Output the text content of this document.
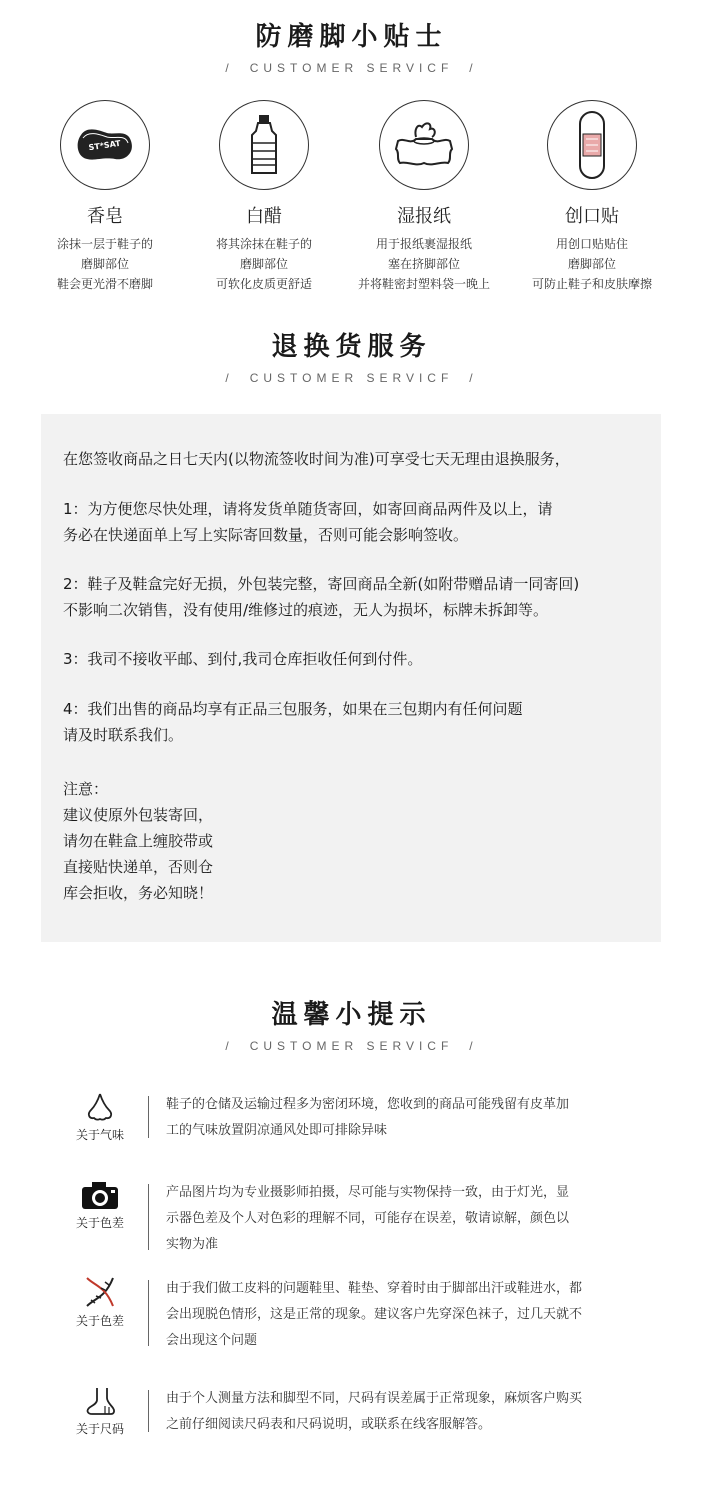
防磨脚小贴士
/ CUSTOMER SERVICF /
ST*SAT
香皂
涂抹一层于鞋子的
磨脚部位
鞋会更光滑不磨脚
白醋
将其涂抹在鞋子的
磨脚部位
可软化皮质更舒适
湿报纸
用于报纸裹湿报纸
塞在挤脚部位
并将鞋密封塑料袋一晚上
创口贴
用创口贴贴住
磨脚部位
可防止鞋子和皮肤摩擦
退换货服务
/ CUSTOMER SERVICF /
在您签收商品之日七天内(以物流签收时间为准)可享受七天无理由退换服务，
1：为方便您尽快处理，请将发货单随货寄回，如寄回商品两件及以上，请
务必在快递面单上写上实际寄回数量，否则可能会影响签收。
2：鞋子及鞋盒完好无损，外包装完整，寄回商品全新(如附带赠品请一同寄回)
不影响二次销售，没有使用/维修过的痕迹，无人为损坏，标牌未拆卸等。
3：我司不接收平邮、到付,我司仓库拒收任何到付件。
4：我们出售的商品均享有正品三包服务，如果在三包期内有任何问题
请及时联系我们。
注意：
建议使原外包装寄回，
请勿在鞋盒上缠胶带或
直接贴快递单，否则仓
库会拒收，务必知晓！
温馨小提示
/ CUSTOMER SERVICF /
关于气味
鞋子的仓储及运输过程多为密闭环境，您收到的商品可能残留有皮革加
工的气味放置阴凉通风处即可排除异味
关于色差
产品图片均为专业摄影师拍摄，尽可能与实物保持一致，由于灯光，显
示器色差及个人对色彩的理解不同，可能存在误差，敬请谅解，颜色以
实物为准
关于色差
由于我们做工皮料的问题鞋里、鞋垫、穿着时由于脚部出汗或鞋进水，都
会出现脱色情形，这是正常的现象。建议客户先穿深色袜子，过几天就不
会出现这个问题
关于尺码
由于个人测量方法和脚型不同，尺码有误差属于正常现象，麻烦客户购买
之前仔细阅读尺码表和尺码说明，或联系在线客服解答。
